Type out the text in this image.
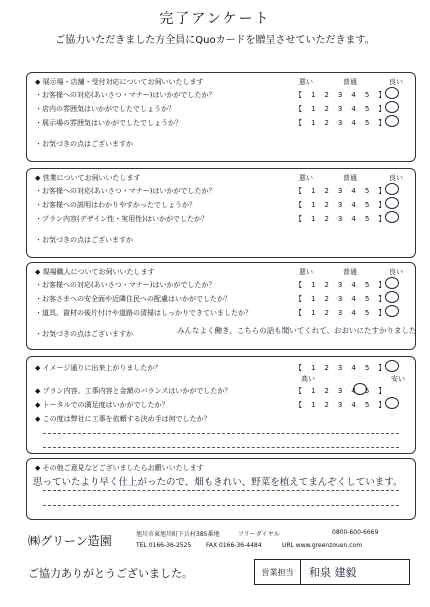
完了アンケート
ご協力いただきました方全員にQuoカードを贈呈させていただきます。
◆ 展示場・店舗・受付対応についてお伺いいたします	悪い	普通	良い
・お客様への対応(あいさつ・マナー)はいかがでしたか？	【　1　2　3　4　5　】
・店内の雰囲気はいかがでしたでしょうか？	【　1　2　3　4　5　】
・展示場の雰囲気はいかがでしたでしょうか？	【　1　2　3　4　5　】
・お気づきの点はございますか
◆ 営業についてお伺いいたします	悪い	普通	良い
・お客様への対応(あいさつ・マナー)はいかがでしたか？	【　1　2　3　4　5　】
・お客様への説明はわかりやすかったでしょうか？	【　1　2　3　4　5　】
・プラン内容(デザイン性・実用性)はいかがでしたか？	【　1　2　3　4　5　】
・お気づきの点はございますか
◆ 現場職人についてお伺いいたします	悪い	普通	良い
・お客様への対応(あいさつ・マナー)はいかがでしたか？	【　1　2　3　4　5　】
・お客さまへの安全面や近隣住民への配慮はいかがでしたか？	【　1　2　3　4　5　】
・道具、資材の後片付けや道路の清掃はしっかりできていましたか？	【　1　2　3　4　5　】
・お気づきの点はございますか	みんなよく働き、こちらの話も聞いてくれて、おおいにたすかりました
◆ イメージ通りに出来上がりましたか？	【　1　2　3　4　5　】
高い	安い
◆ プラン内容、工事内容と金額のバランスはいかがでしたか？	【　1　2　3　4　5　】
◆ トータルでの満足度はいかがでしたか？	【　1　2　3　4　5　】
◆ この度は弊社に工事を依頼する決め手は何でしたか？
◆ その他ご意見などございましたらお願いいたします
思っていたより早く仕上がったので、畑もきれい、野菜を植えてまんぞくしています。
㈱グリーン造園	旭川市東旭川町下兵村385番地	フリーダイヤル	0800-600-6669
TEL 0166-36-2525 FAX 0166-36-4484	URL www.greenzouen.com
ご協力ありがとうございました。	営業担当	和泉 建毅
